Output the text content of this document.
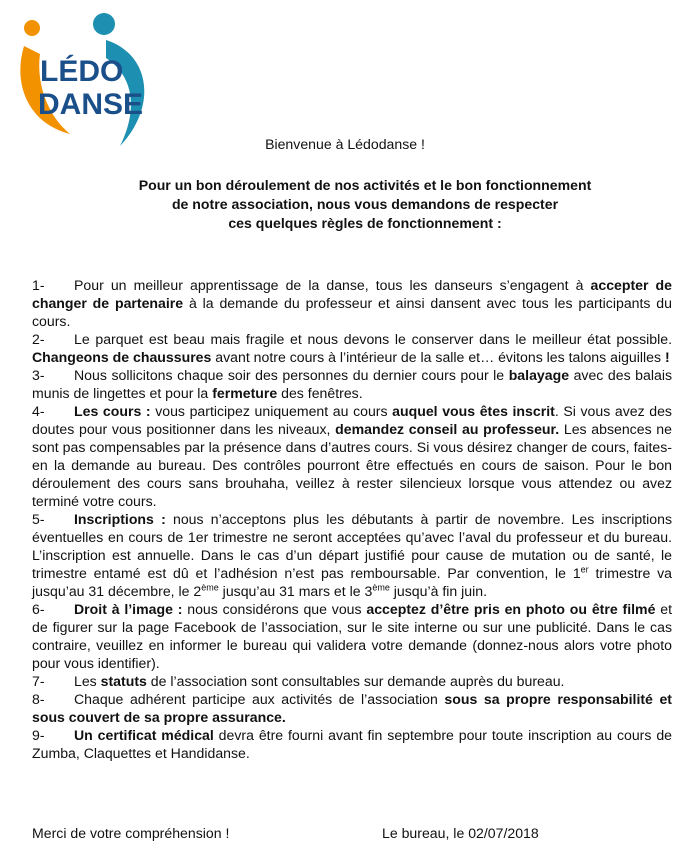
LÉDO
DANSE
Bienvenue à Lédodanse !
Pour un bon déroulement de nos activités et le bon fonctionnement
de notre association, nous vous demandons de respecter
ces quelques règles de fonctionnement :

1- Pour un meilleur apprentissage de la danse, tous les danseurs s’engagent à accepter de changer de partenaire à la demande du professeur et ainsi dansent avec tous les participants du cours.

2- Le parquet est beau mais fragile et nous devons le conserver dans le meilleur état possible. Changeons de chaussures avant notre cours à l’intérieur de la salle et… évitons les talons aiguilles !

3- Nous sollicitons chaque soir des personnes du dernier cours pour le balayage avec des balais munis de lingettes et pour la fermeture des fenêtres.

4- Les cours : vous participez uniquement au cours auquel vous êtes inscrit. Si vous avez des doutes pour vous positionner dans les niveaux, demandez conseil au professeur. Les absences ne sont pas compensables par la présence dans d’autres cours. Si vous désirez changer de cours, faites-en la demande au bureau. Des contrôles pourront être effectués en cours de saison. Pour le bon déroulement des cours sans brouhaha, veillez à rester silencieux lorsque vous attendez ou avez terminé votre cours.

5- Inscriptions : nous n’acceptons plus les débutants à partir de novembre. Les inscriptions éventuelles en cours de 1er trimestre ne seront acceptées qu’avec l’aval du professeur et du bureau. L’inscription est annuelle. Dans le cas d’un départ justifié pour cause de mutation ou de santé, le trimestre entamé est dû et l’adhésion n’est pas remboursable. Par convention, le 1er trimestre va jusqu’au 31 décembre, le 2ème jusqu’au 31 mars et le 3ème jusqu’à fin juin.

6- Droit à l’image : nous considérons que vous acceptez d’être pris en photo ou être filmé et de figurer sur la page Facebook de l’association, sur le site interne ou sur une publicité. Dans le cas contraire, veuillez en informer le bureau qui validera votre demande (donnez-nous alors votre photo pour vous identifier).

7- Les statuts de l’association sont consultables sur demande auprès du bureau.

8- Chaque adhérent participe aux activités de l’association sous sa propre responsabilité et sous couvert de sa propre assurance.

9- Un certificat médical devra être fourni avant fin septembre pour toute inscription au cours de Zumba, Claquettes et Handidanse.

Merci de votre compréhension !	Le bureau, le 02/07/2018
